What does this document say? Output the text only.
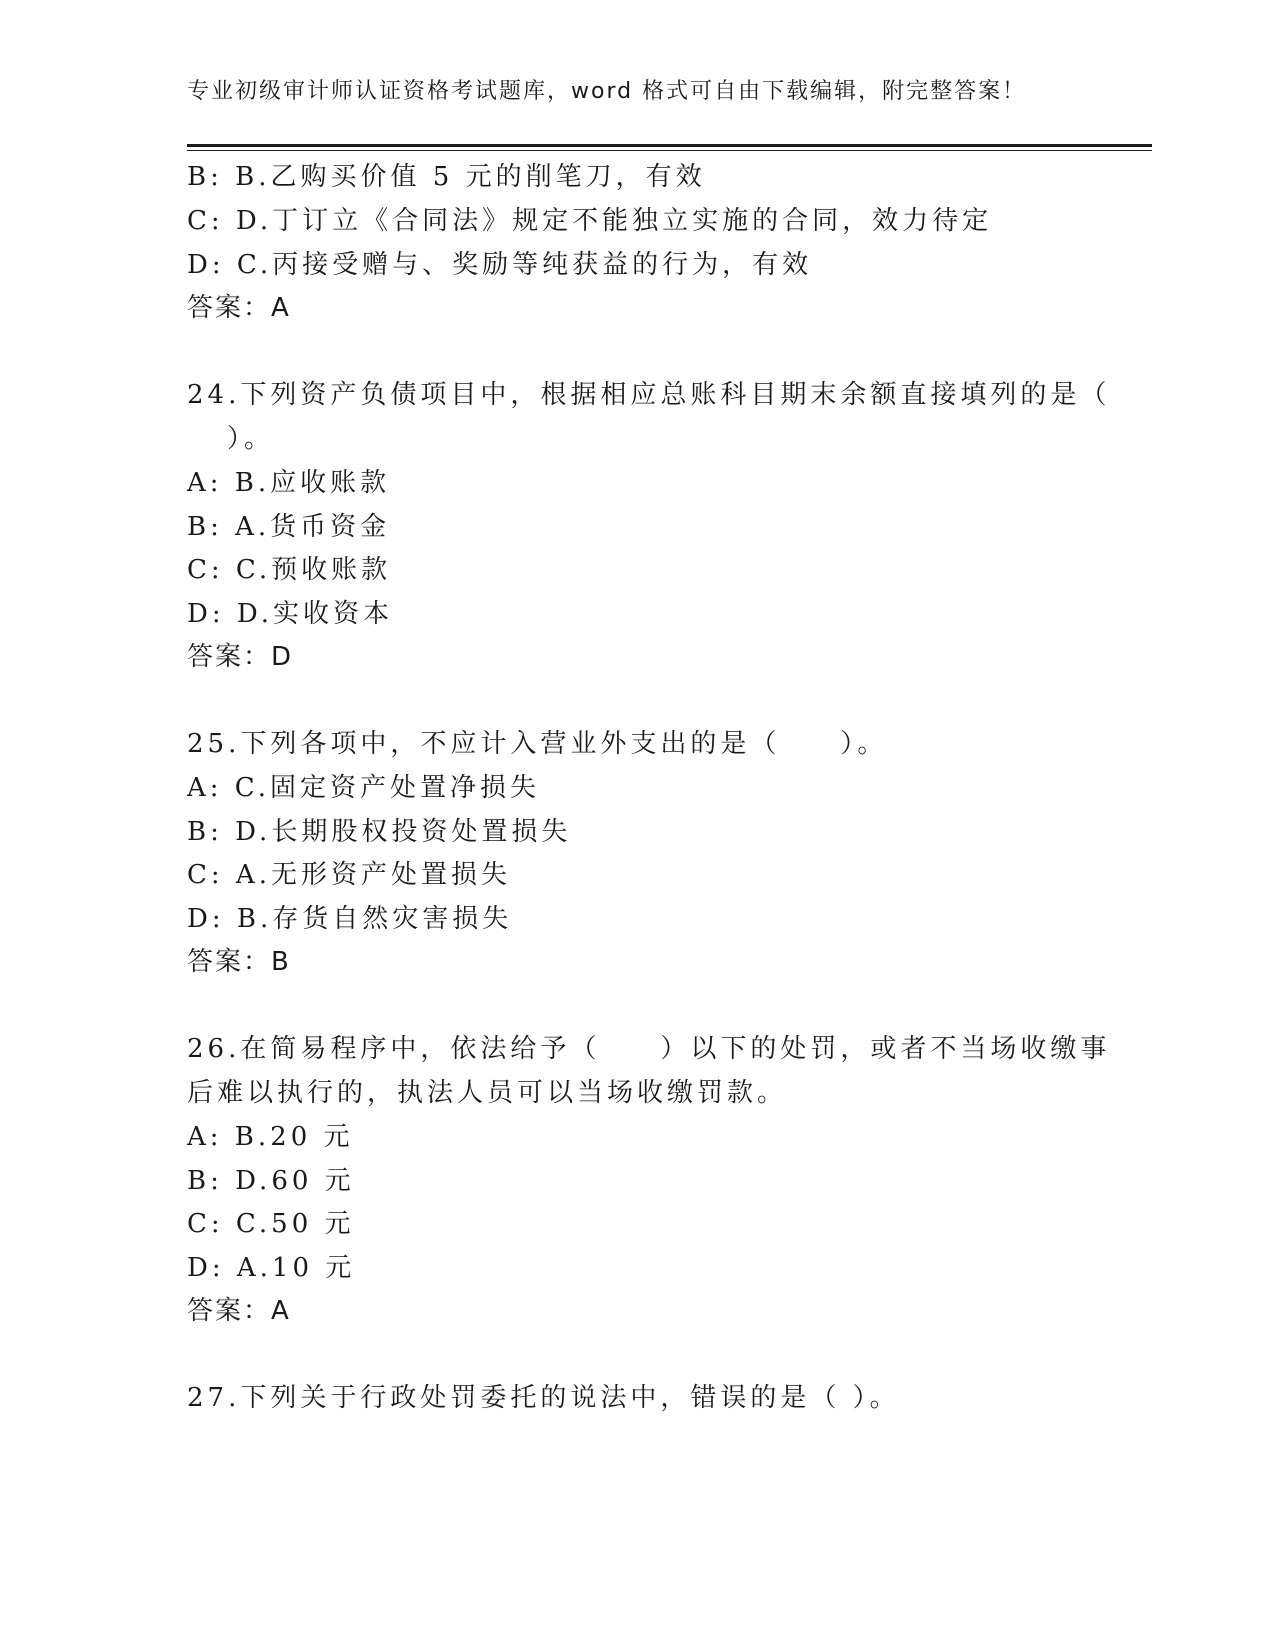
专业初级审计师认证资格考试题库，word 格式可自由下载编辑，附完整答案！
B: B.乙购买价值 5 元的削笔刀，有效
C: D.丁订立《合同法》规定不能独立实施的合同，效力待定
D: C.丙接受赠与、奖励等纯获益的行为，有效
答案：A
24.下列资产负债项目中，根据相应总账科目期末余额直接填列的是（
）。
A: B.应收账款
B: A.货币资金
C: C.预收账款
D: D.实收资本
答案：D
25.下列各项中，不应计入营业外支出的是（　　）。
A: C.固定资产处置净损失
B: D.长期股权投资处置损失
C: A.无形资产处置损失
D: B.存货自然灾害损失
答案：B
26.在简易程序中，依法给予（　　）以下的处罚，或者不当场收缴事
后难以执行的，执法人员可以当场收缴罚款。
A: B.20 元
B: D.60 元
C: C.50 元
D: A.10 元
答案：A
27.下列关于行政处罚委托的说法中，错误的是（ ）。
